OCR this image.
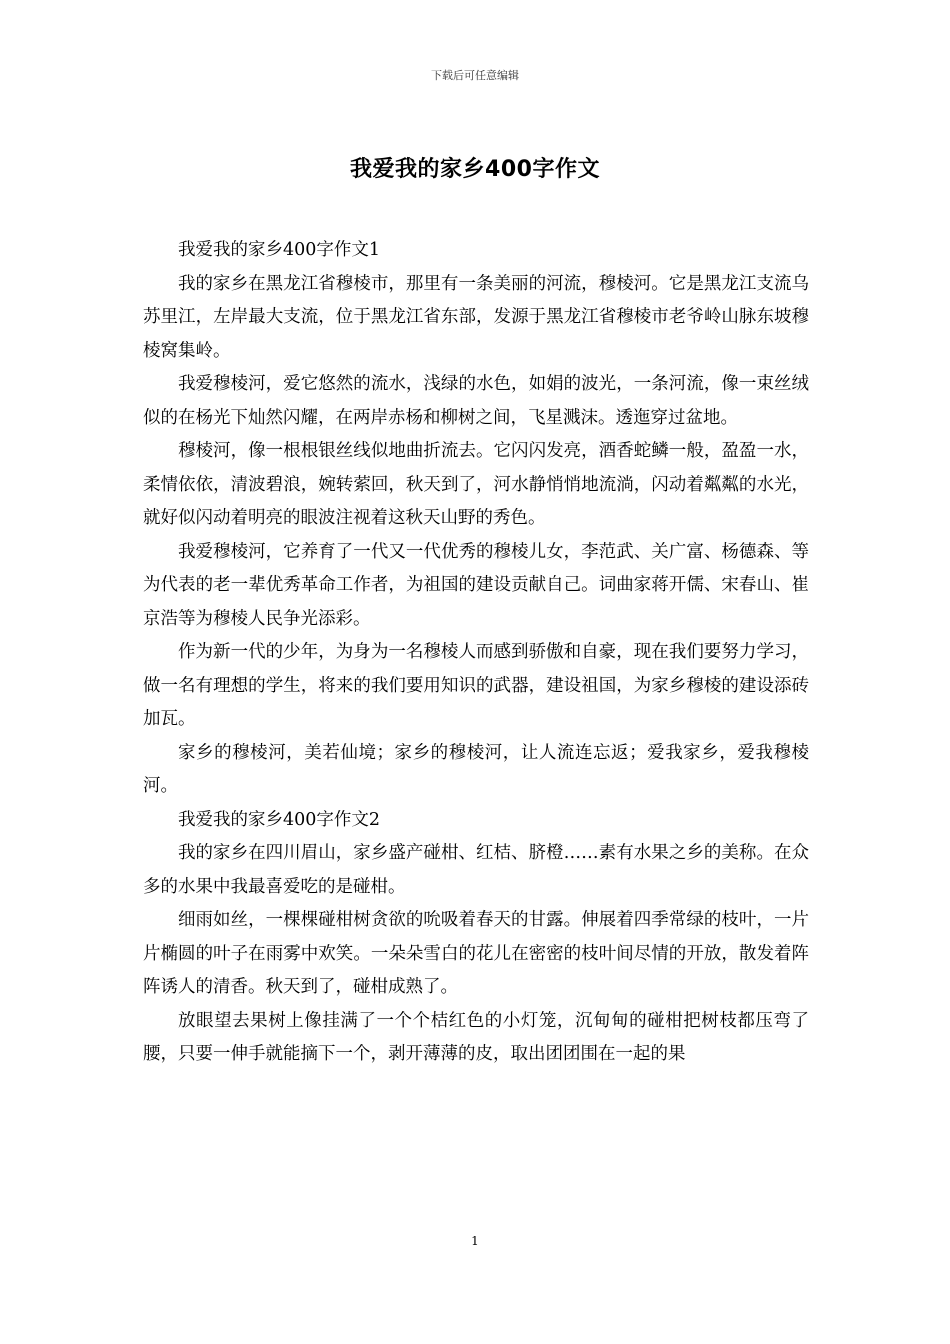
下载后可任意编辑
我爱我的家乡400字作文

我爱我的家乡400字作文1

我的家乡在黑龙江省穆棱市，那里有一条美丽的河流，穆棱河。它是黑龙江支流乌苏里江，左岸最大支流，位于黑龙江省东部，发源于黑龙江省穆棱市老爷岭山脉东坡穆棱窝集岭。

我爱穆棱河，爱它悠然的流水，浅绿的水色，如娟的波光，一条河流，像一束丝绒似的在杨光下灿然闪耀，在两岸赤杨和柳树之间，飞星溅沫。透迤穿过盆地。

穆棱河，像一根根银丝线似地曲折流去。它闪闪发亮，酒香蛇鳞一般，盈盈一水，柔情依依，清波碧浪，婉转萦回，秋天到了，河水静悄悄地流淌，闪动着粼粼的水光，就好似闪动着明亮的眼波注视着这秋天山野的秀色。

我爱穆棱河，它养育了一代又一代优秀的穆棱儿女，李范武、关广富、杨德森、等为代表的老一辈优秀革命工作者，为祖国的建设贡献自己。词曲家蒋开儒、宋春山、崔京浩等为穆棱人民争光添彩。

作为新一代的少年，为身为一名穆棱人而感到骄傲和自豪，现在我们要努力学习，做一名有理想的学生，将来的我们要用知识的武器，建设祖国，为家乡穆棱的建设添砖加瓦。

家乡的穆棱河，美若仙境；家乡的穆棱河，让人流连忘返；爱我家乡，爱我穆棱河。

我爱我的家乡400字作文2

我的家乡在四川眉山，家乡盛产碰柑、红桔、脐橙……素有水果之乡的美称。在众多的水果中我最喜爱吃的是碰柑。

细雨如丝，一棵棵碰柑树贪欲的吮吸着春天的甘露。伸展着四季常绿的枝叶，一片片椭圆的叶子在雨雾中欢笑。一朵朵雪白的花儿在密密的枝叶间尽情的开放，散发着阵阵诱人的清香。秋天到了，碰柑成熟了。

放眼望去果树上像挂满了一个个桔红色的小灯笼，沉甸甸的碰柑把树枝都压弯了腰，只要一伸手就能摘下一个，剥开薄薄的皮，取出团团围在一起的果

1
